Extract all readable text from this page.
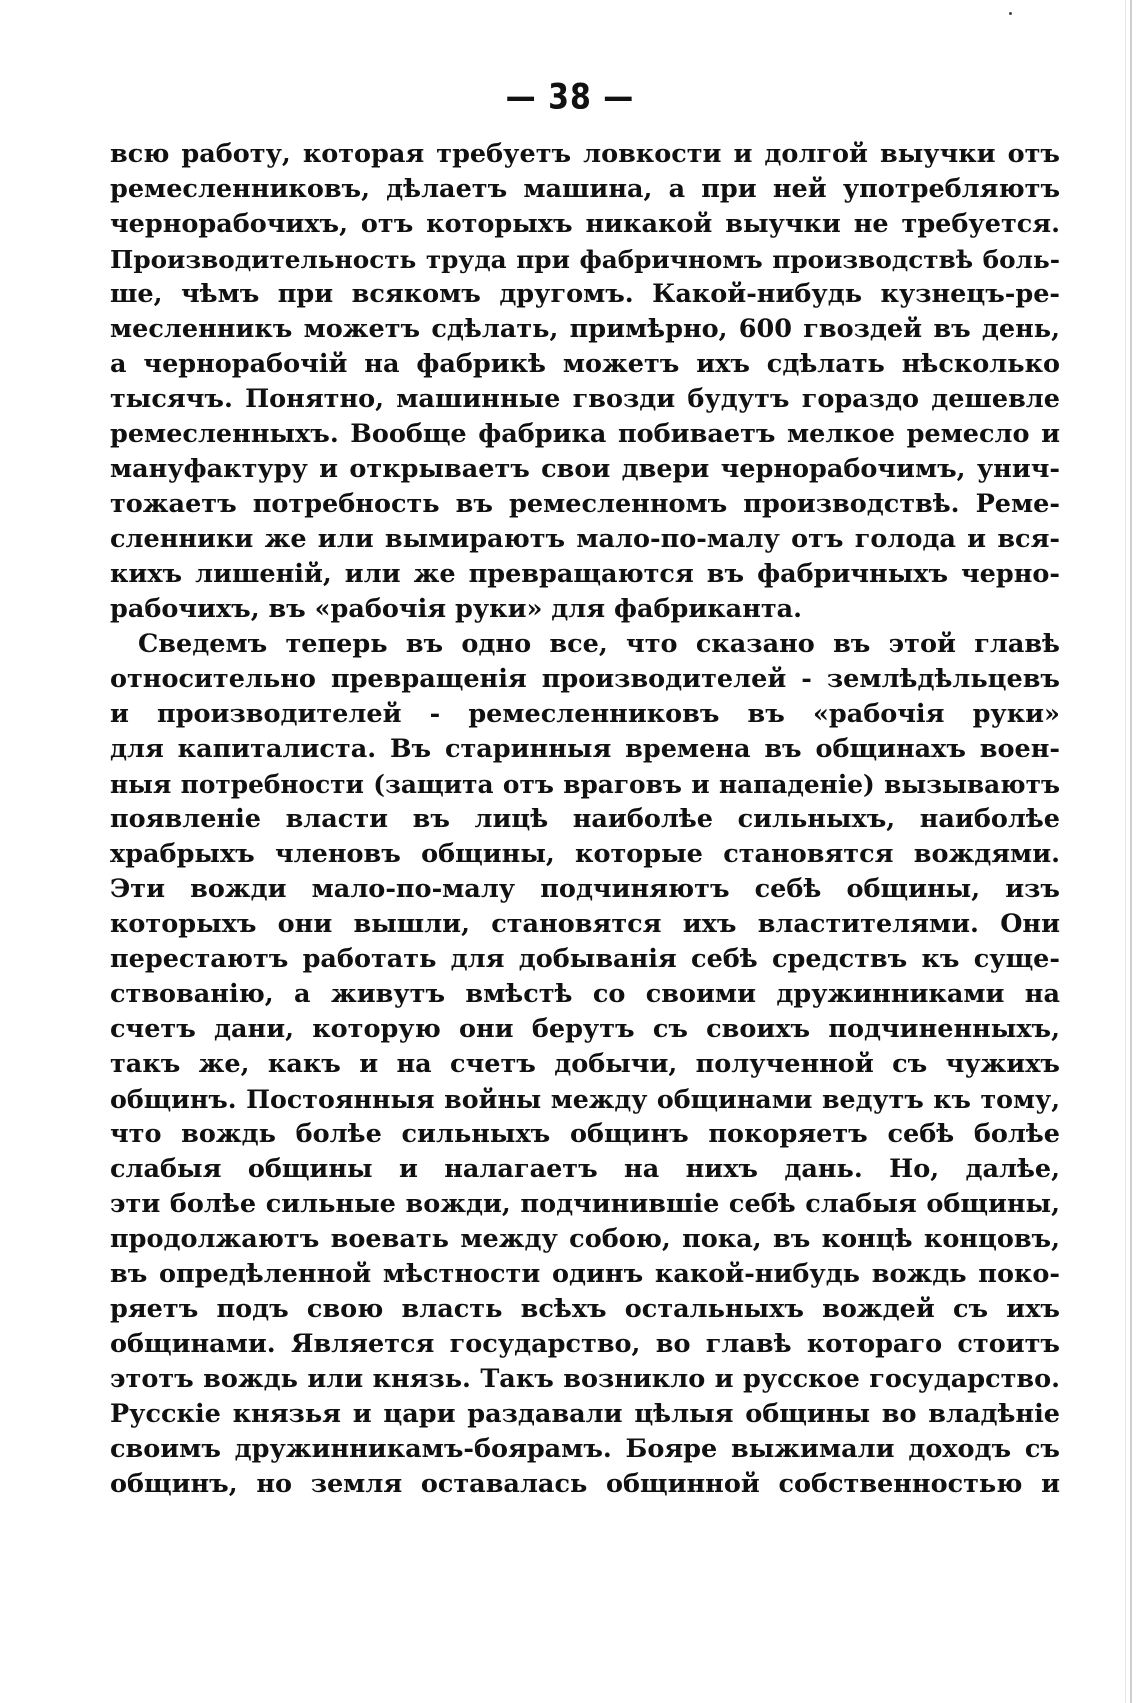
— 38 —

всю работу, которая требуетъ ловкости и долгой выучки отъ
ремесленниковъ, дѣлаетъ машина, а при ней употребляютъ
чернорабочихъ, отъ которыхъ никакой выучки не требуется.
Производительность труда при фабричномъ производствѣ боль-
ше, чѣмъ при всякомъ другомъ. Какой-нибудь кузнецъ-ре-
месленникъ можетъ сдѣлать, примѣрно, 600 гвоздей въ день,
а чернорабочій на фабрикѣ можетъ ихъ сдѣлать нѣсколько
тысячъ. Понятно, машинные гвозди будутъ гораздо дешевле
ремесленныхъ. Вообще фабрика побиваетъ мелкое ремесло и
мануфактуру и открываетъ свои двери чернорабочимъ, унич-
тожаетъ потребность въ ремесленномъ производствѣ. Реме-
сленники же или вымираютъ мало-по-малу отъ голода и вся-
кихъ лишеній, или же превращаются въ фабричныхъ черно-
рабочихъ, въ «рабочія руки» для фабриканта.

Сведемъ теперь въ одно все, что сказано въ этой главѣ
относительно превращенія производителей - землѣдѣльцевъ
и производителей - ремесленниковъ въ «рабочія руки»
для капиталиста. Въ старинныя времена въ общинахъ воен-
ныя потребности (защита отъ враговъ и нападеніе) вызываютъ
появленіе власти въ лицѣ наиболѣе сильныхъ, наиболѣе
храбрыхъ членовъ общины, которые становятся вождями.
Эти вожди мало-по-малу подчиняютъ себѣ общины, изъ
которыхъ они вышли, становятся ихъ властителями. Они
перестаютъ работать для добыванія себѣ средствъ къ суще-
ствованію, а живутъ вмѣстѣ со своими дружинниками на
счетъ дани, которую они берутъ съ своихъ подчиненныхъ,
такъ же, какъ и на счетъ добычи, полученной съ чужихъ
общинъ. Постоянныя войны между общинами ведутъ къ тому,
что вождь болѣе сильныхъ общинъ покоряетъ себѣ болѣе
слабыя общины и налагаетъ на нихъ дань. Но, далѣе,
эти болѣе сильные вожди, подчинившіе себѣ слабыя общины,
продолжаютъ воевать между собою, пока, въ концѣ концовъ,
въ опредѣленной мѣстности одинъ какой-нибудь вождь поко-
ряетъ подъ свою власть всѣхъ остальныхъ вождей съ ихъ
общинами. Является государство, во главѣ котораго стоитъ
этотъ вождь или князь. Такъ возникло и русское государство.
Русскіе князья и цари раздавали цѣлыя общины во владѣніе
своимъ дружинникамъ-боярамъ. Бояре выжимали доходъ съ
общинъ, но земля оставалась общинной собственностью и
